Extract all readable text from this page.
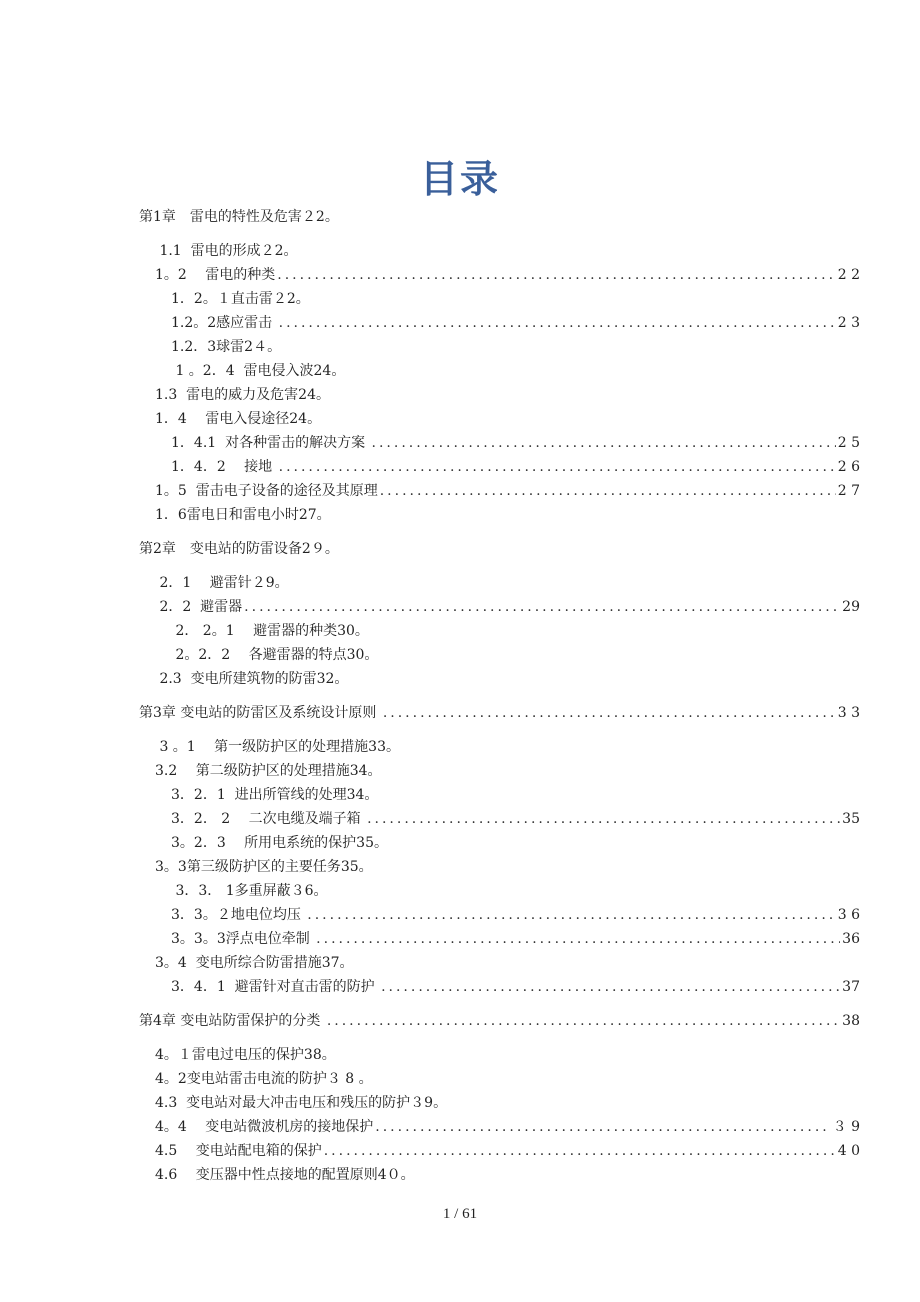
目录
第1章　雷电的特性及危害２2。
1.1  雷电的形成２2。
1。2　 雷电的种类 .....	2 2
1．2。１直击雷２2。
1.2。2感应雷击 .....	2 3
1.2．3球雷2４。
1 。2．4  雷电侵入波24。
1.3  雷电的威力及危害24。
1．4　 雷电入侵途径24。
1．4.1  对各种雷击的解决方案 .....	2 5
1．4．2　 接地 .....	2 6
1。5  雷击电子设备的途径及其原理 .....	2 7
1．6雷电日和雷电小时27。
第2章　变电站的防雷设备2９。
2．1　 避雷针２9。
2．2  避雷器 .....	29
2． 2。1　 避雷器的种类30。
2。2．2　 各避雷器的特点30。
2.3  变电所建筑物的防雷32。
第3章 变电站的防雷区及系统设计原则 .....	3 3
3 。1　 第一级防护区的处理措施33。
3.2　 第二级防护区的处理措施34。
3．2．1  进出所管线的处理34。
3．2． 2　 二次电缆及端子箱 .....	35
3。2．3　 所用电系统的保护35。
3。3第三级防护区的主要任务35。
3．3． 1多重屏蔽３6。
3．3。２地电位均压 .....	3 6
3。3。3浮点电位牵制 .....	36
3。4  变电所综合防雷措施37。
3．4．1  避雷针对直击雷的防护 .....	37
第4章 变电站防雷保护的分类 .....	38
4。１雷电过电压的保护38。
4。2变电站雷击电流的防护３ 8 。
4.3  变电站对最大冲击电压和残压的防护３9。
4。4　 变电站微波机房的接地保护 .....	３ 9
4.5　 变电站配电箱的保护 .....	4 0
4.6　 变压器中性点接地的配置原则4０。
1 / 61
